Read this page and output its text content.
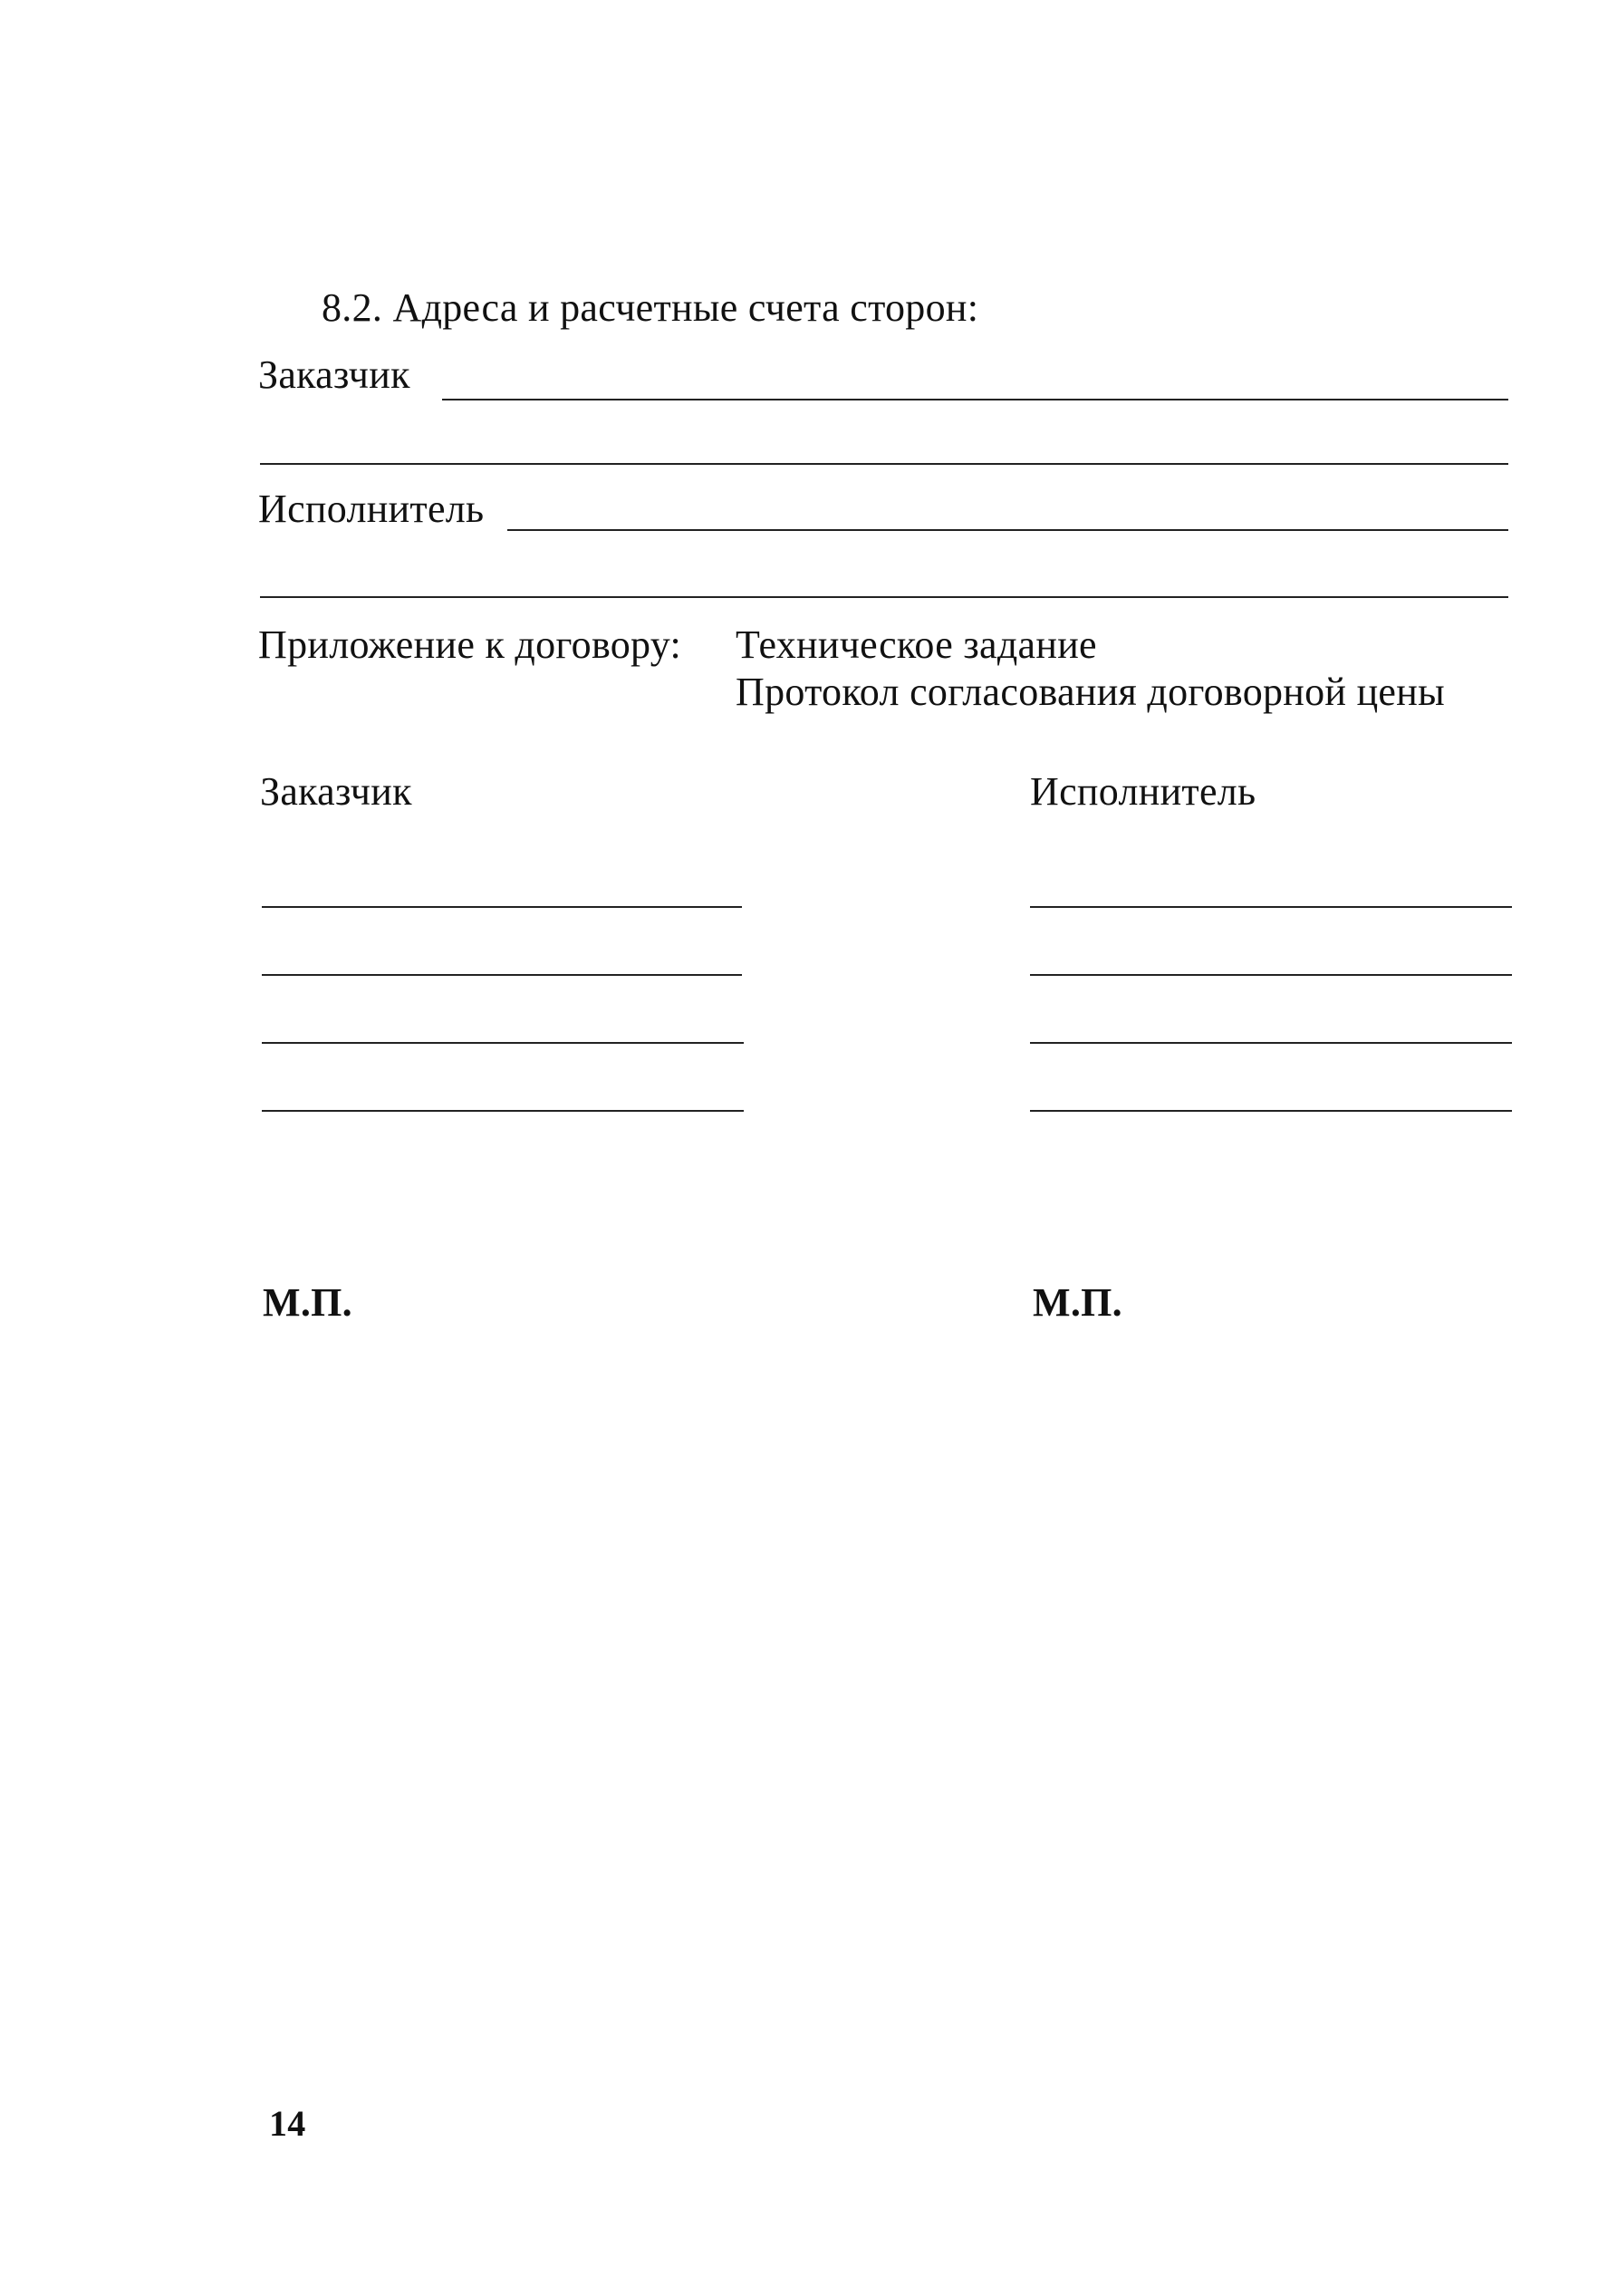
8.2. Адреса и расчетные счета сторон:
Заказчик
Исполнитель
Приложение к договору: Техническое задание
Протокол согласования договорной цены
Заказчик	Исполнитель
М.П.	М.П.
14
